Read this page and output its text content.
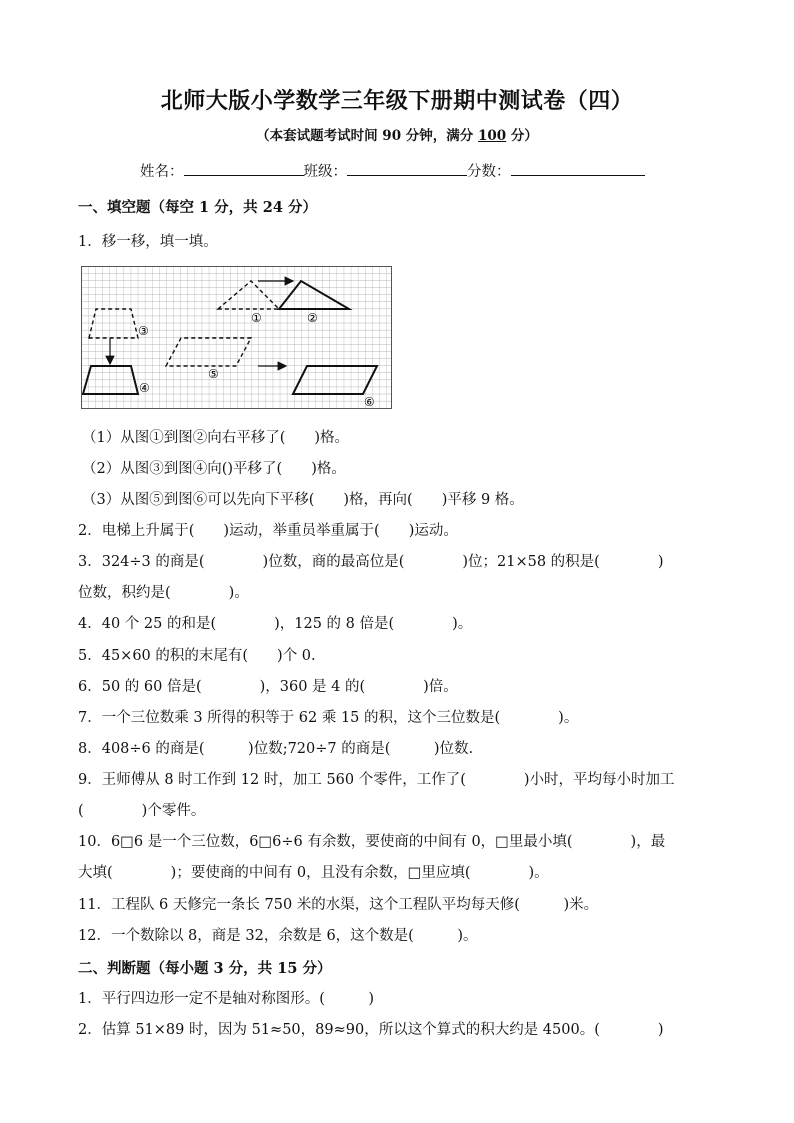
北师大版小学数学三年级下册期中测试卷（四）
（本套试题考试时间 90 分钟，满分 100 分）
姓名：	班级：	分数：
一、填空题（每空 1 分，共 24 分）
1．移一移，填一填。
①	②
③
④
⑤
⑥
（1）从图①到图②向右平移了(　　)格。
（2）从图③到图④向()平移了(　　)格。
（3）从图⑤到图⑥可以先向下平移(　　)格，再向(　　)平移 9 格。
2．电梯上升属于(　　)运动，举重员举重属于(　　)运动。
3．324÷3 的商是(　　　　)位数，商的最高位是(　　　　)位；21×58 的积是(　　　　)
位数，积约是(　　　　)。
4．40 个 25 的和是(　　　　)，125 的 8 倍是(　　　　)。
5．45×60 的积的末尾有(　　)个 0.
6．50 的 60 倍是(　　　　)，360 是 4 的(　　　　)倍。
7．一个三位数乘 3 所得的积等于 62 乘 15 的积，这个三位数是(　　　　)。
8．408÷6 的商是(　　　)位数;720÷7 的商是(　　　)位数.
9．王师傅从 8 时工作到 12 时，加工 560 个零件，工作了(　　　　)小时，平均每小时加工
(　　　　)个零件。
10．6□6 是一个三位数，6□6÷6 有余数，要使商的中间有 0，□里最小填(　　　　)，最
大填(　　　　)；要使商的中间有 0，且没有余数，□里应填(　　　　)。
11．工程队 6 天修完一条长 750 米的水渠，这个工程队平均每天修(　　　)米。
12．一个数除以 8，商是 32，余数是 6，这个数是(　　　)。
二、判断题（每小题 3 分，共 15 分）
1．平行四边形一定不是轴对称图形。(　　　)
2．估算 51×89 时，因为 51≈50，89≈90，所以这个算式的积大约是 4500。(　　　　)
